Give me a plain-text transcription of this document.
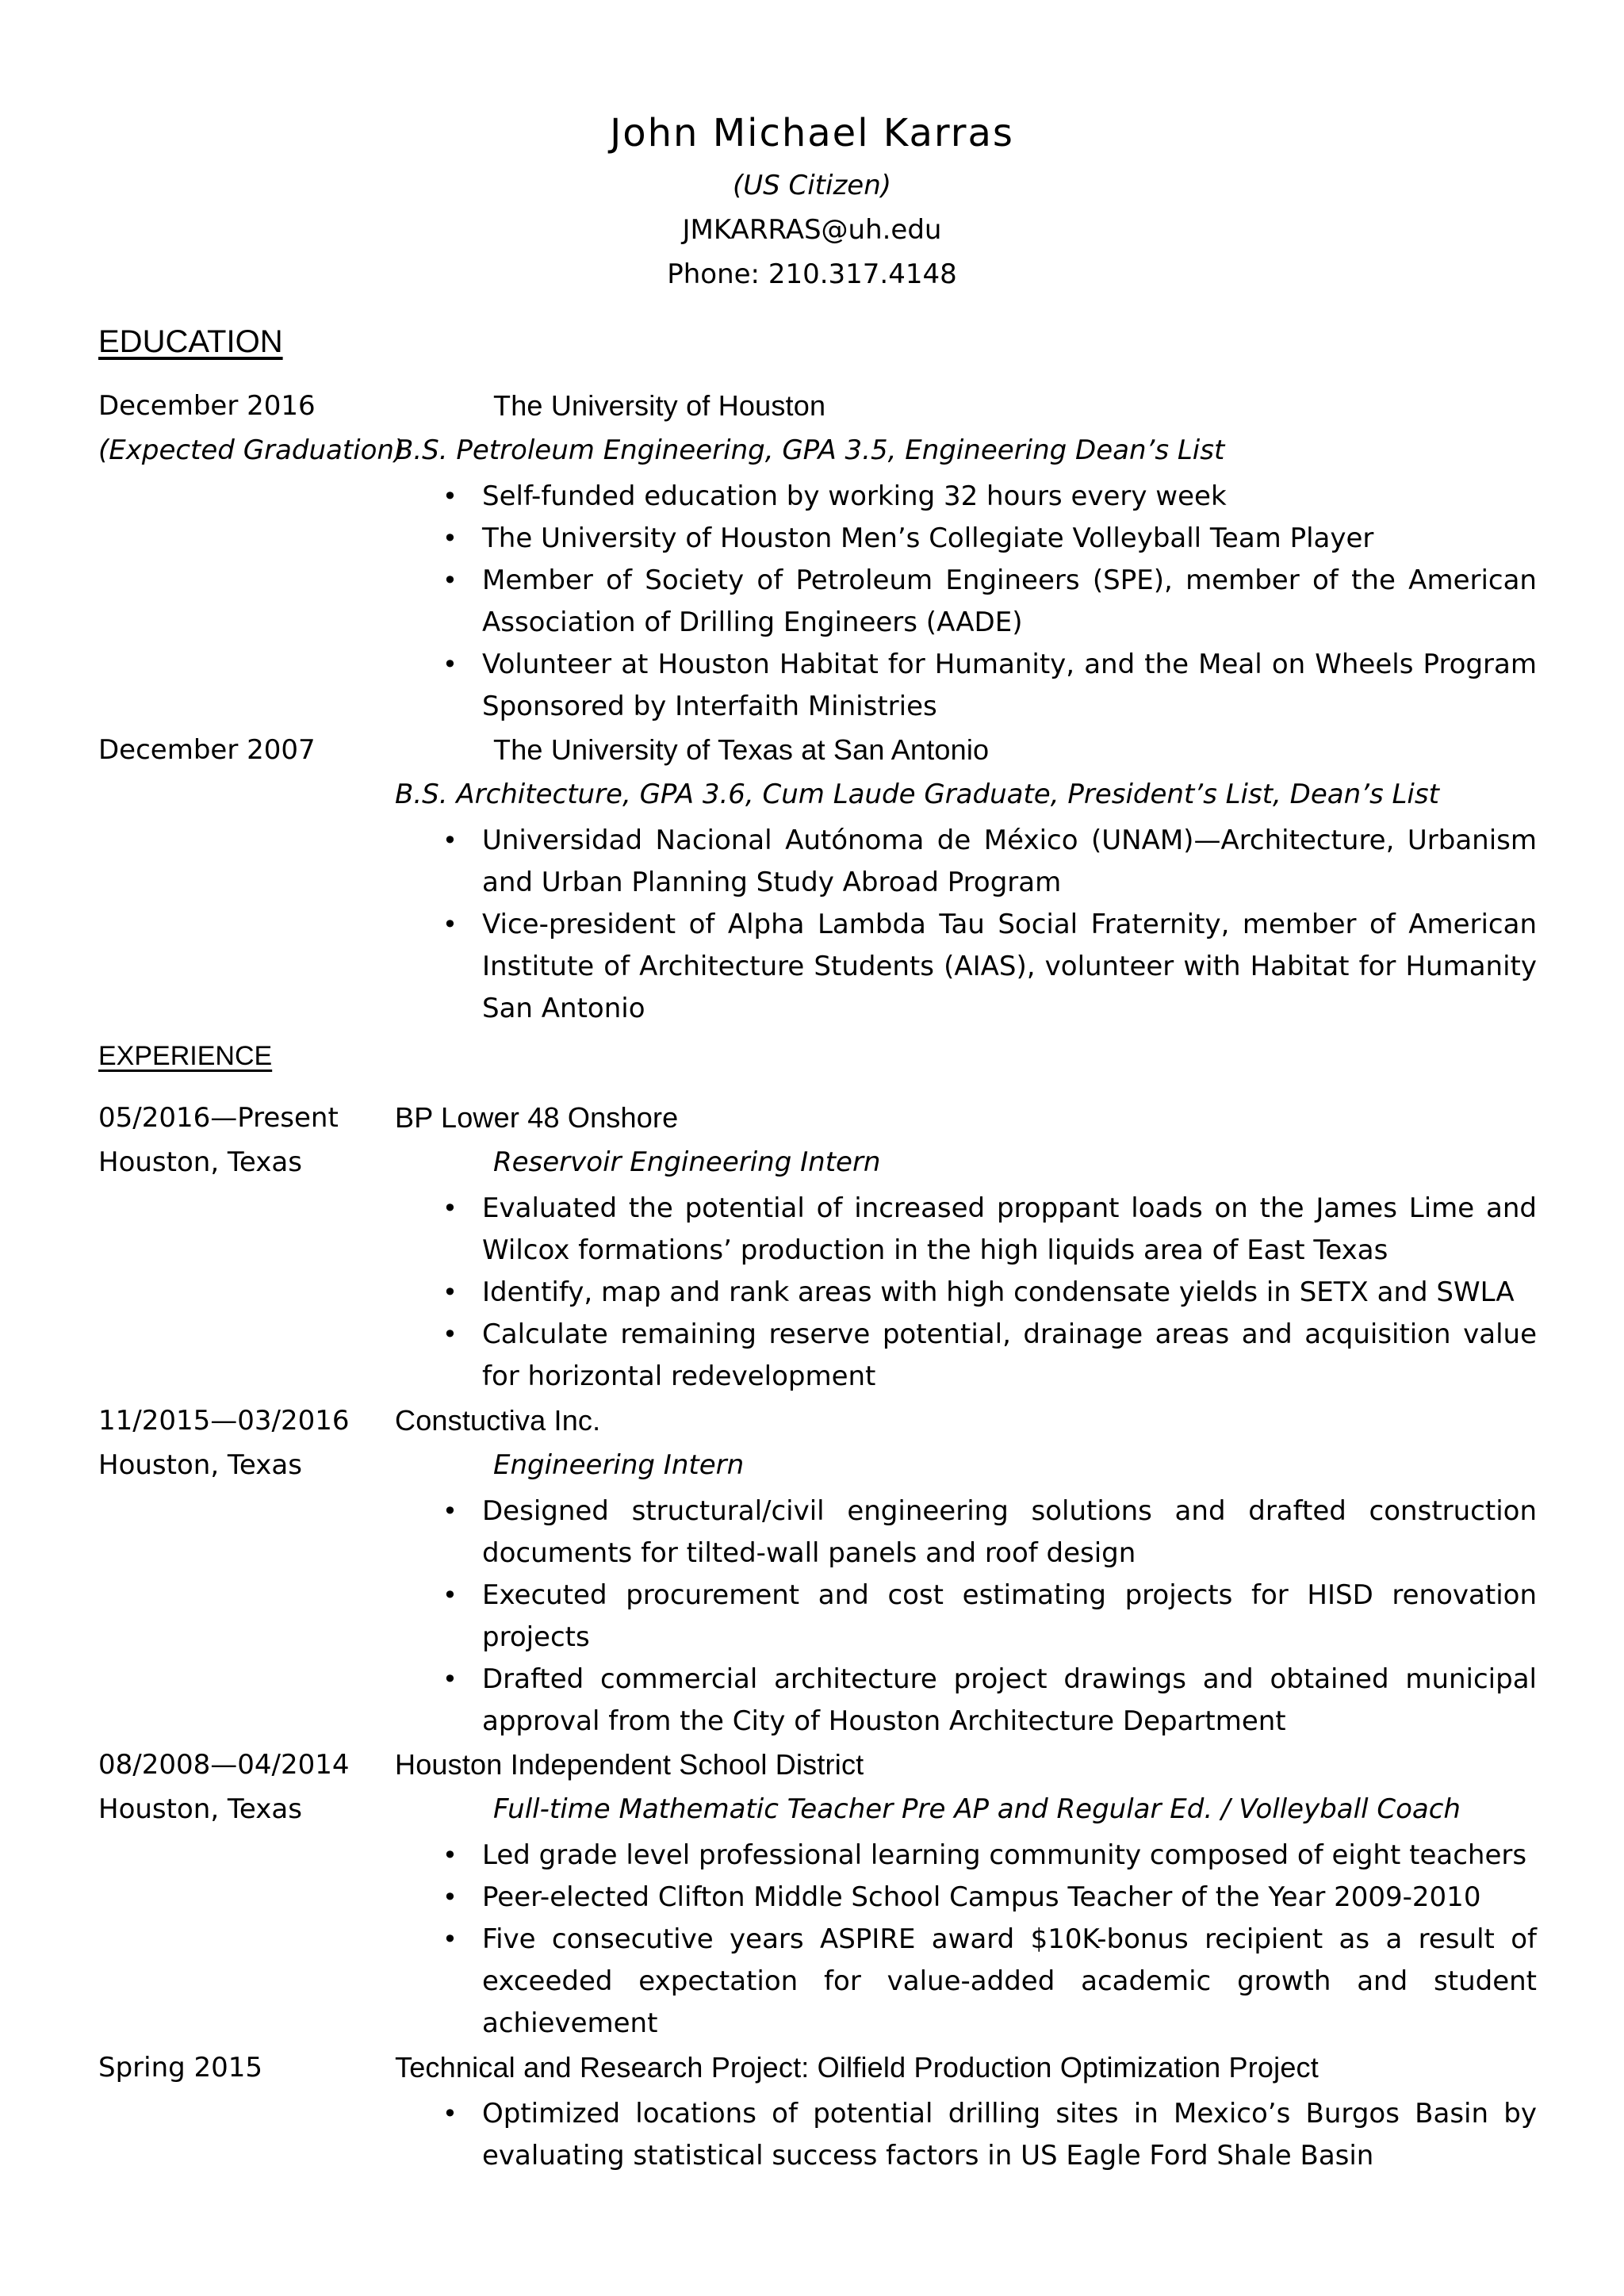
John Michael Karras
(US Citizen)
JMKARRAS@uh.edu
Phone: 210.317.4148
EDUCATION
December 2016	The University of Houston
(Expected Graduation)
B.S. Petroleum Engineering, GPA 3.5, Engineering Dean’s List
• Self-funded education by working 32 hours every week
• The University of Houston Men’s Collegiate Volleyball Team Player
• Member of Society of Petroleum Engineers (SPE), member of the American Association of Drilling Engineers (AADE)
• Volunteer at Houston Habitat for Humanity, and the Meal on Wheels Program Sponsored by Interfaith Ministries
December 2007	The University of Texas at San Antonio
B.S. Architecture, GPA 3.6, Cum Laude Graduate, President’s List, Dean’s List
• Universidad Nacional Autónoma de México (UNAM)—Architecture, Urbanism and Urban Planning Study Abroad Program
• Vice-president of Alpha Lambda Tau Social Fraternity, member of American Institute of Architecture Students (AIAS), volunteer with Habitat for Humanity San Antonio
EXPERIENCE
05/2016—Present BP Lower 48 Onshore
Houston, Texas	Reservoir Engineering Intern
• Evaluated the potential of increased proppant loads on the James Lime and Wilcox formations’ production in the high liquids area of East Texas
• Identify, map and rank areas with high condensate yields in SETX and SWLA
• Calculate remaining reserve potential, drainage areas and acquisition value for horizontal redevelopment
11/2015—03/2016 Constuctiva Inc.
Houston, Texas	Engineering Intern
• Designed structural/civil engineering solutions and drafted construction documents for tilted-wall panels and roof design
• Executed procurement and cost estimating projects for HISD renovation projects
• Drafted commercial architecture project drawings and obtained municipal approval from the City of Houston Architecture Department
08/2008—04/2014 Houston Independent School District
Houston, Texas	Full-time Mathematic Teacher Pre AP and Regular Ed. / Volleyball Coach
• Led grade level professional learning community composed of eight teachers
• Peer-elected Clifton Middle School Campus Teacher of the Year 2009-2010
• Five consecutive years ASPIRE award $10K-bonus recipient as a result of exceeded expectation for value-added academic growth and student achievement
Spring 2015	Technical and Research Project: Oilfield Production Optimization Project
• Optimized locations of potential drilling sites in Mexico’s Burgos Basin by evaluating statistical success factors in US Eagle Ford Shale Basin
